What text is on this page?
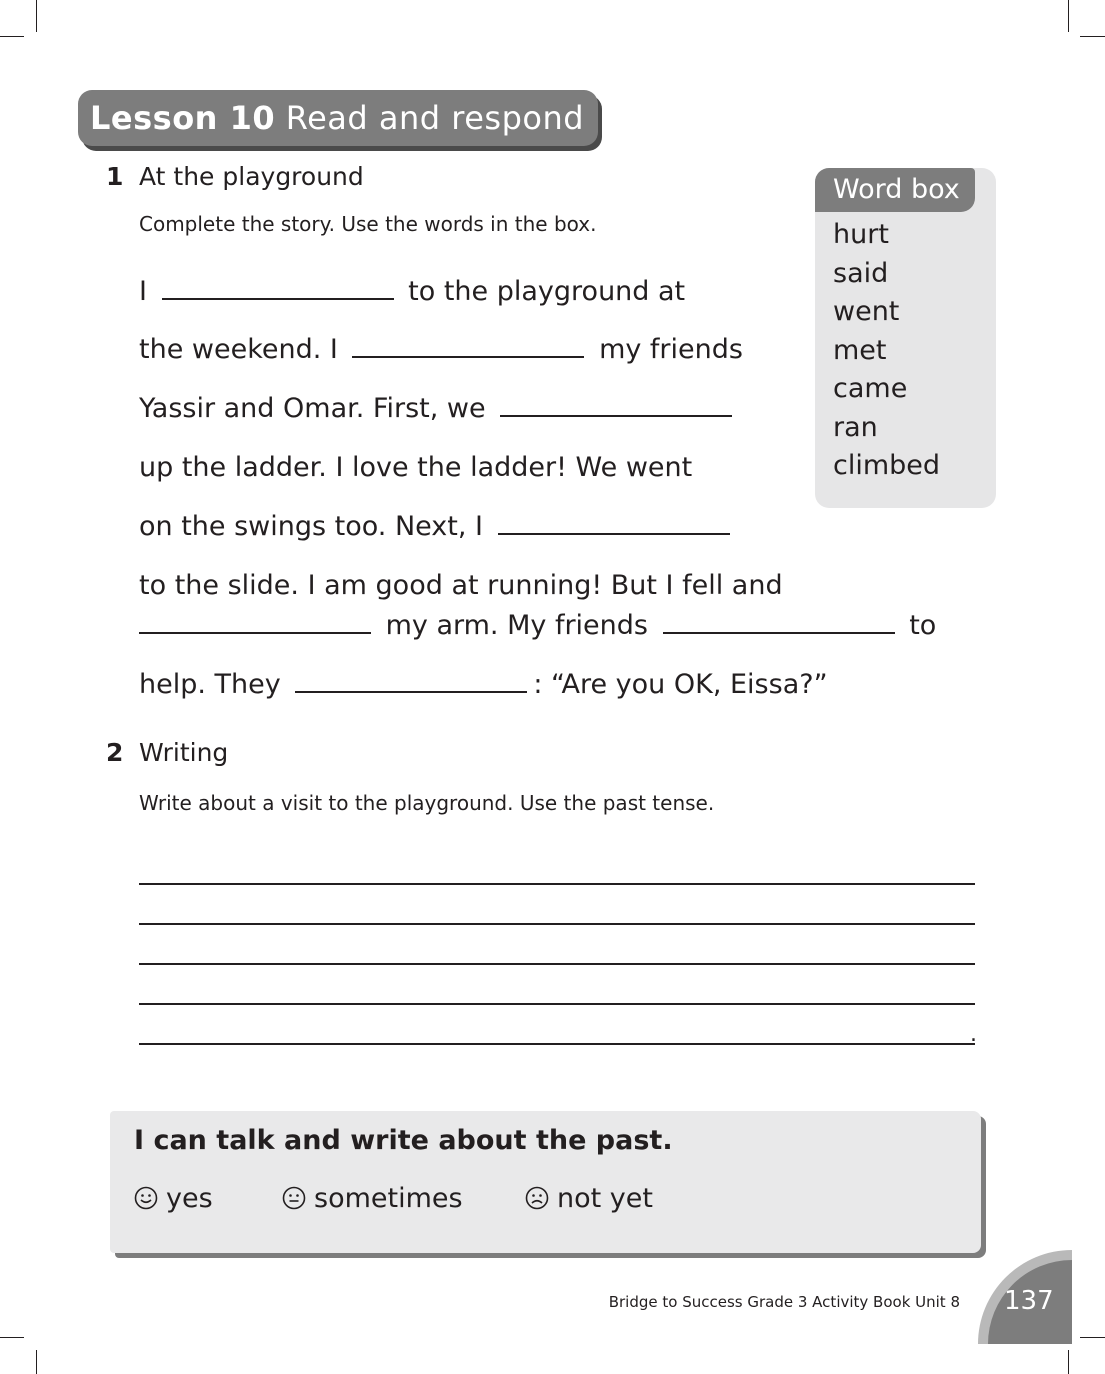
Lesson 10 Read and respond
1 At the playground
Complete the story. Use the words in the box.
I	to the playground at
the weekend. I	my friends
Yassir and Omar. First, we
up the ladder. I love the ladder! We went
on the swings too. Next, I
to the slide. I am good at running! But I fell and
my arm. My friends	to
help. They	: “Are you OK, Eissa?”
Word box
hurt
said
went
met
came
ran
climbed
2 Writing
Write about a visit to the playground. Use the past tense.
.
I can talk and write about the past.
yes	sometimes	not yet
Bridge to Success Grade 3 Activity Book Unit 8 137
